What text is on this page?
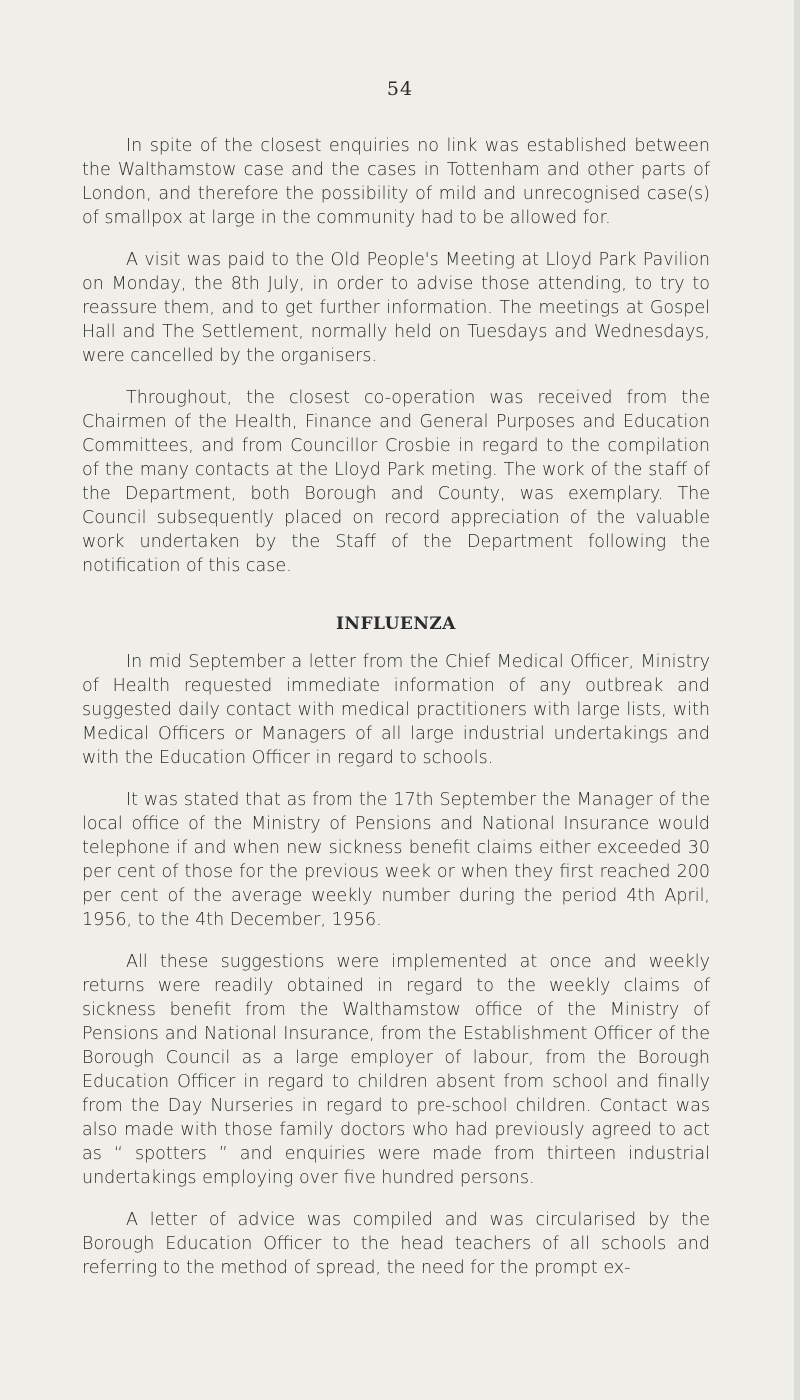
54

In spite of the closest enquiries no link was established between the Walthamstow case and the cases in Tottenham and other parts of London, and therefore the possibility of mild and unrecognised case(s) of smallpox at large in the community had to be allowed for.

A visit was paid to the Old People's Meeting at Lloyd Park Pavilion on Monday, the 8th July, in order to advise those attending, to try to reassure them, and to get further information. The meetings at Gospel Hall and The Settlement, normally held on Tuesdays and Wednesdays, were cancelled by the organisers.

Throughout, the closest co-operation was received from the Chairmen of the Health, Finance and General Purposes and Education Committees, and from Councillor Crosbie in regard to the compilation of the many contacts at the Lloyd Park meting. The work of the staff of the Department, both Borough and County, was exemplary. The Council subsequently placed on record appreciation of the valuable work undertaken by the Staff of the Department following the notification of this case.

INFLUENZA

In mid September a letter from the Chief Medical Officer, Ministry of Health requested immediate information of any outbreak and suggested daily contact with medical practitioners with large lists, with Medical Officers or Managers of all large industrial undertakings and with the Education Officer in regard to schools.

It was stated that as from the 17th September the Manager of the local office of the Ministry of Pensions and National Insurance would telephone if and when new sickness benefit claims either exceeded 30 per cent of those for the previous week or when they first reached 200 per cent of the average weekly number during the period 4th April, 1956, to the 4th December, 1956.

All these suggestions were implemented at once and weekly returns were readily obtained in regard to the weekly claims of sickness benefit from the Walthamstow office of the Ministry of Pensions and National Insurance, from the Establishment Officer of the Borough Council as a large employer of labour, from the Borough Education Officer in regard to children absent from school and finally from the Day Nurseries in regard to pre-school children. Contact was also made with those family doctors who had previously agreed to act as “ spotters ” and enquiries were made from thirteen industrial undertakings employing over five hundred persons.

A letter of advice was compiled and was circularised by the Borough Education Officer to the head teachers of all schools and referring to the method of spread, the need for the prompt ex-
